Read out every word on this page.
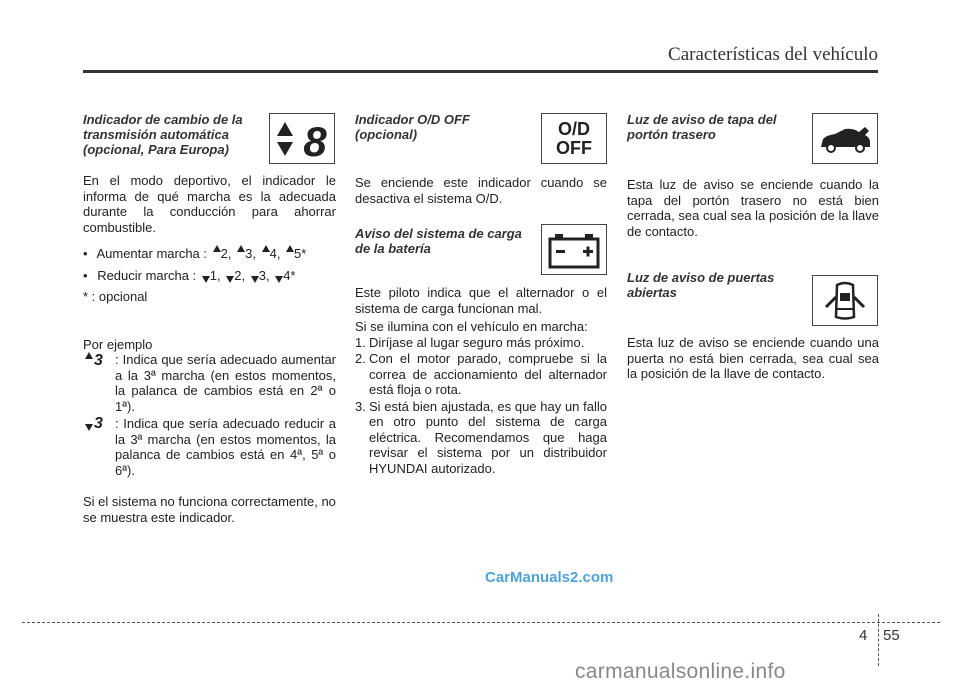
Características del vehículo

Indicador de cambio de la transmisión automática (opcional, Para Europa)

En el modo deportivo, el indicador le informa de qué marcha es la adecuada durante la conducción para ahorrar combustible.

• Aumentar marcha : 2, 3, 4, 5*
• Reducir marcha : 1, 2, 3, 4*

* : opcional

Por ejemplo

3 : Indica que sería adecuado aumentar a la 3ª marcha (en estos momentos, la palanca de cambios está en 2ª o 1ª).
3 : Indica que sería adecuado reducir a la 3ª marcha (en estos momentos, la palanca de cambios está en 4ª, 5ª o 6ª).

Si el sistema no funciona correctamente, no se muestra este indicador.

8 Indicador O/D OFF (opcional)

Se enciende este indicador cuando se desactiva el sistema O/D.

Aviso del sistema de carga de la batería

Este piloto indica que el alternador o el sistema de carga funcionan mal.

Si se ilumina con el vehículo en marcha:

1. Diríjase al lugar seguro más próximo.
2. Con el motor parado, compruebe si la correa de accionamiento del alternador está floja o rota.
3. Si está bien ajustada, es que hay un fallo en otro punto del sistema de carga eléctrica. Recomendamos que haga revisar el sistema por un distribuidor HYUNDAI autorizado.
O/D
OFF

Luz de aviso de tapa del portón trasero

Esta luz de aviso se enciende cuando la tapa del portón trasero no está bien cerrada, sea cual sea la posición de la llave de contacto.

Luz de aviso de puertas abiertas

Esta luz de aviso se enciende cuando una puerta no está bien cerrada, sea cual sea la posición de la llave de contacto.

CarManuals2.com
4 55
carmanualsonline.info
